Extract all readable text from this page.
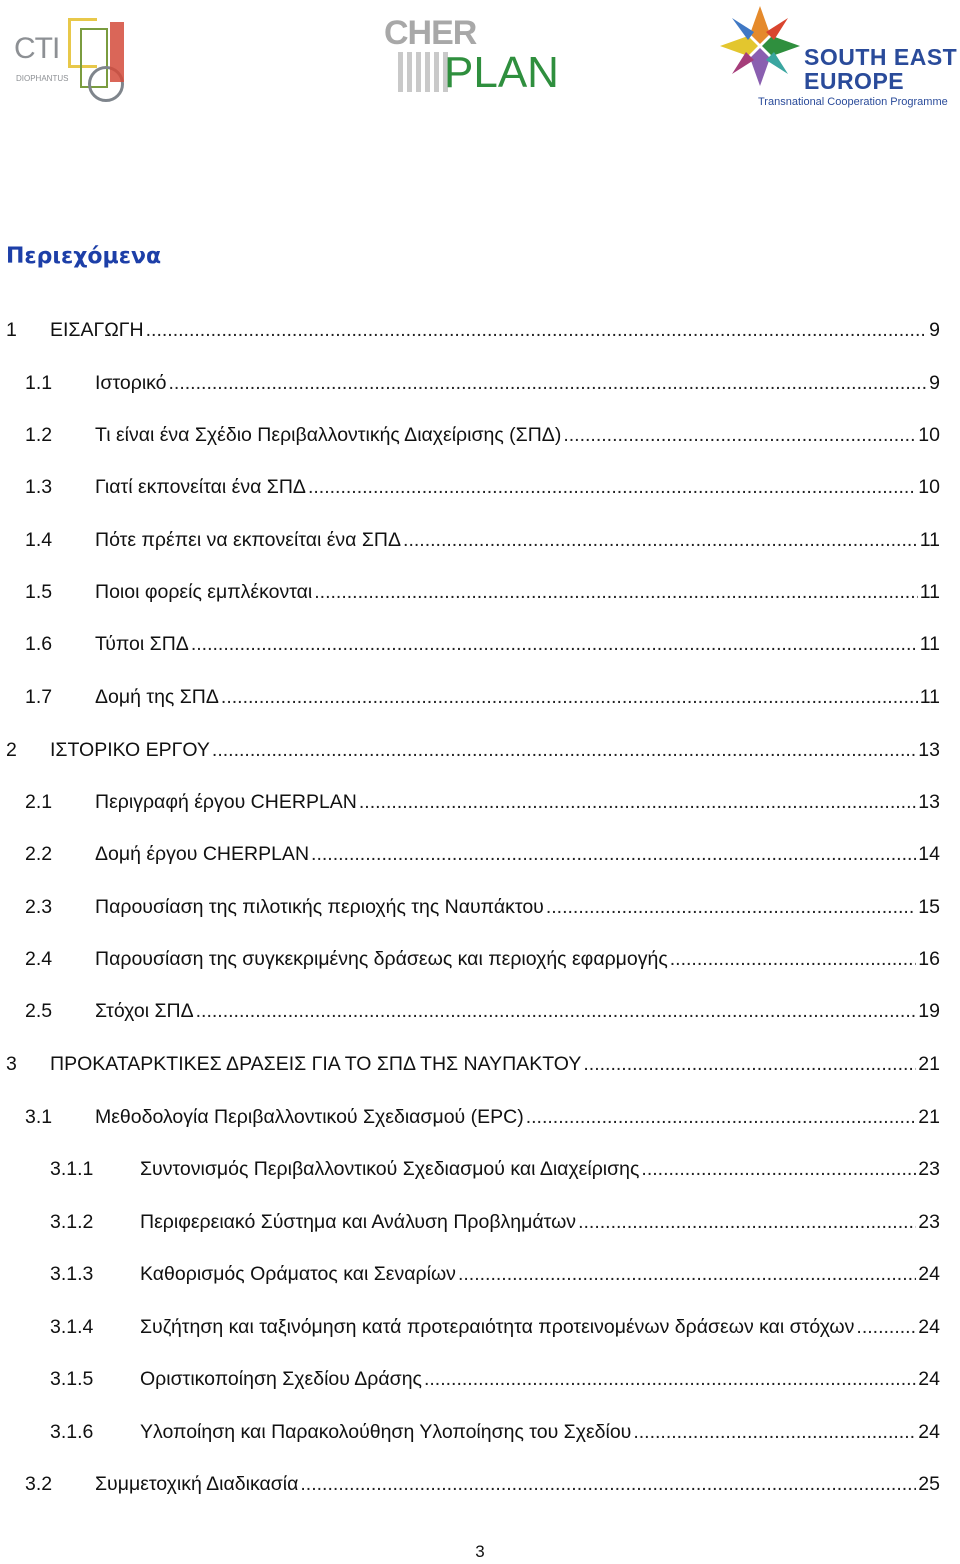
CTI
DIOPHANTUS
CHER
PLAN	SOUTH EAST
EUROPE
Transnational Cooperation Programme
Περιεχόμενα
1	ΕΙΣΑΓΩΓΗ .....	9
1.1	Ιστορικό .....	9
1.2	Τι είναι ένα Σχέδιο Περιβαλλοντικής Διαχείρισης (ΣΠΔ) .....	10
1.3	Γιατί εκπονείται ένα ΣΠΔ .....	10
1.4	Πότε πρέπει να εκπονείται ένα ΣΠΔ .....	11
1.5	Ποιοι φορείς εμπλέκονται .....	11
1.6	Τύποι ΣΠΔ .....	11
1.7	Δομή της ΣΠΔ .....	11
2	ΙΣΤΟΡΙΚΟ ΕΡΓΟΥ .....	13
2.1	Περιγραφή έργου CHERPLAN .....	13
2.2	Δομή έργου CHERPLAN .....	14
2.3	Παρουσίαση της πιλοτικής περιοχής της Ναυπάκτου .....	15
2.4	Παρουσίαση της συγκεκριμένης δράσεως και περιοχής εφαρμογής .....	16
2.5	Στόχοι ΣΠΔ .....	19
3	ΠΡΟΚΑΤΑΡΚΤΙΚΕΣ ΔΡΑΣΕΙΣ ΓΙΑ ΤΟ ΣΠΔ ΤΗΣ ΝΑΥΠΑΚΤΟΥ .....	21
3.1	Μεθοδολογία Περιβαλλοντικού Σχεδιασμού (EPC) .....	21
3.1.1	Συντονισμός Περιβαλλοντικού Σχεδιασμού και Διαχείρισης .....	23
3.1.2	Περιφερειακό Σύστημα και Ανάλυση Προβλημάτων .....	23
3.1.3	Καθορισμός Οράματος και Σεναρίων .....	24
3.1.4	Συζήτηση και ταξινόμηση κατά προτεραιότητα προτεινομένων δράσεων και στόχων .....	24
3.1.5	Οριστικοποίηση Σχεδίου Δράσης .....	24
3.1.6	Υλοποίηση και Παρακολούθηση Υλοποίησης του Σχεδίου .....	24
3.2	Συμμετοχική Διαδικασία .....	25
3
